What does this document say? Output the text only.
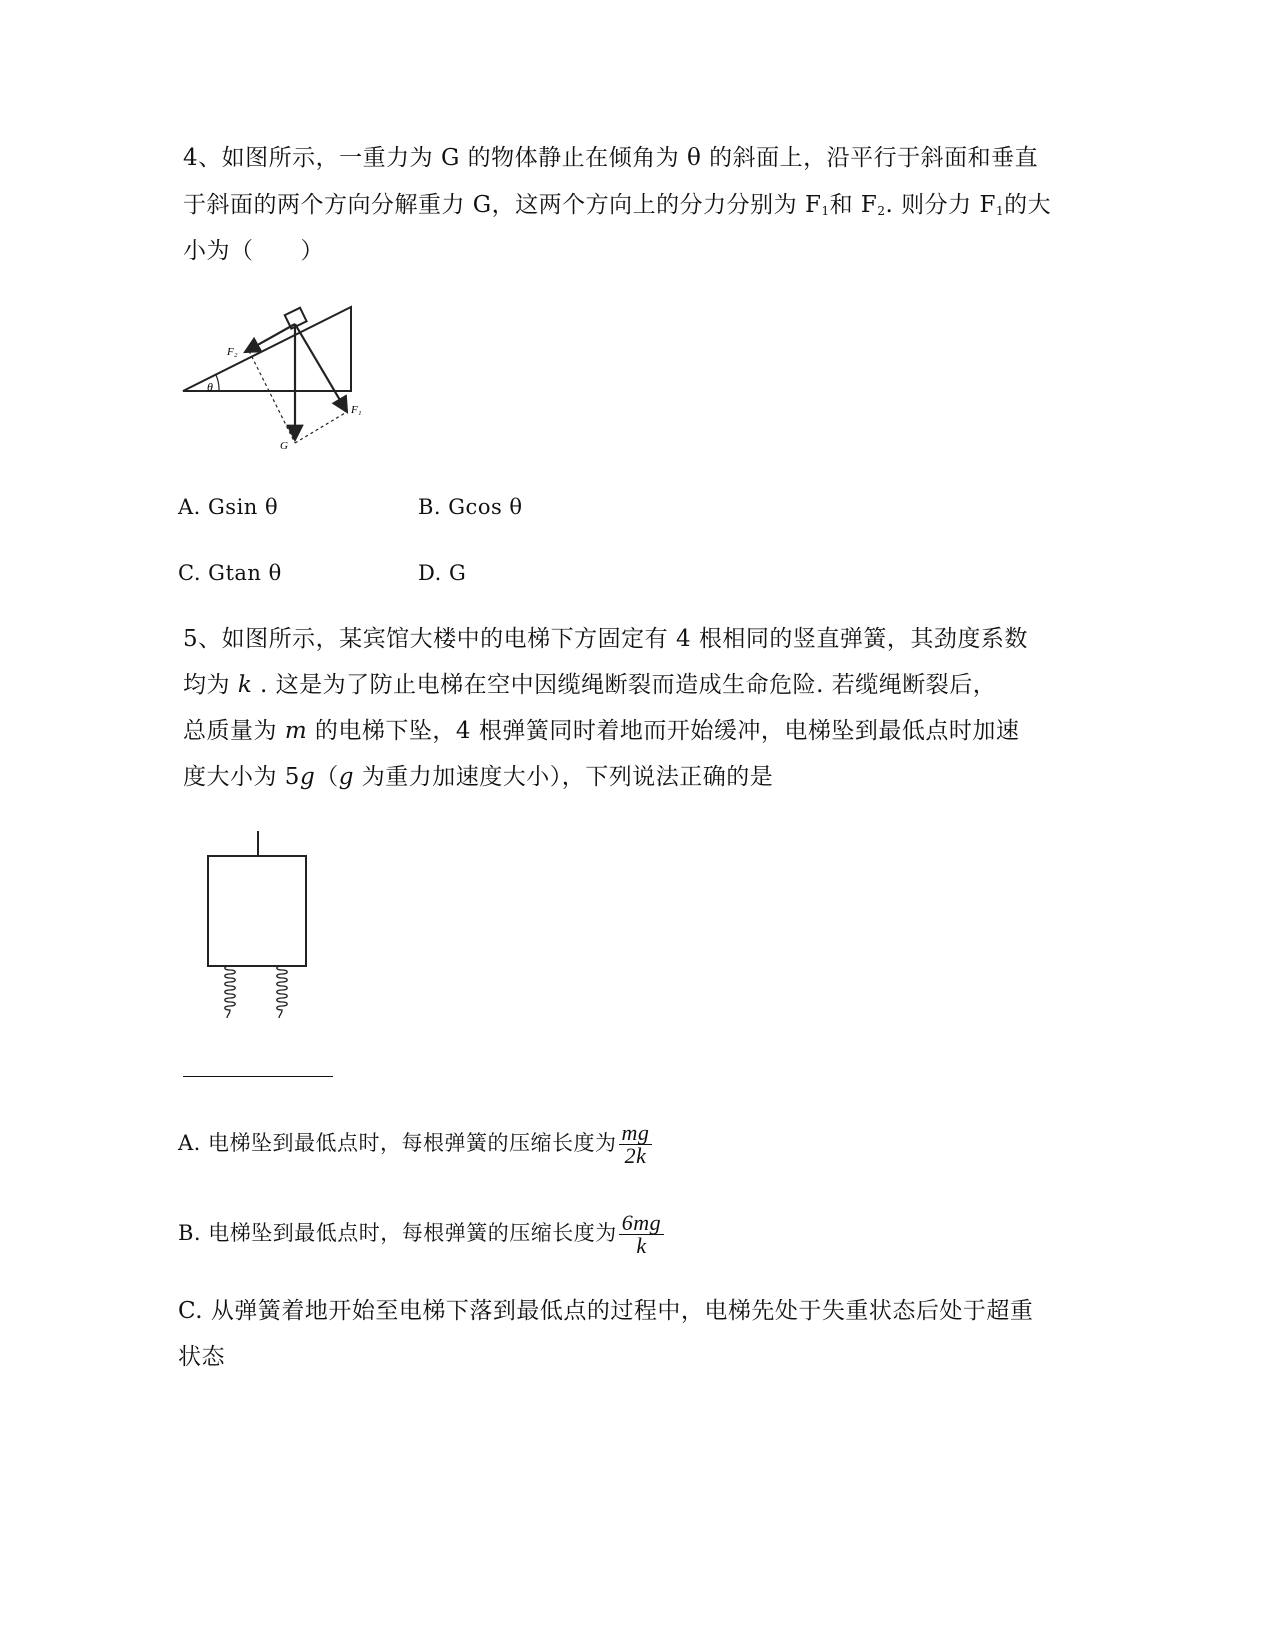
4、如图所示，一重力为 G 的物体静止在倾角为 θ 的斜面上，沿平行于斜面和垂直
于斜面的两个方向分解重力 G，这两个方向上的分力分别为 $F_1$和 $F_2$. 则分力 $F_1$的大
小为（　　）
F₂
θ
F₁
G
A. Gsin θ	B. Gcos θ
C. Gtan θ	D. G
5、如图所示，某宾馆大楼中的电梯下方固定有 4 根相同的竖直弹簧，其劲度系数
均为 k . 这是为了防止电梯在空中因缆绳断裂而造成生命危险. 若缆绳断裂后，
总质量为 m 的电梯下坠，4 根弹簧同时着地而开始缓冲，电梯坠到最低点时加速
度大小为 5g（g 为重力加速度大小），下列说法正确的是
A. 电梯坠到最低点时，每根弹簧的压缩长度为 $\frac{mg}{2k}$
B. 电梯坠到最低点时，每根弹簧的压缩长度为 $\frac{6mg}{k}$
C. 从弹簧着地开始至电梯下落到最低点的过程中，电梯先处于失重状态后处于超重
状态
